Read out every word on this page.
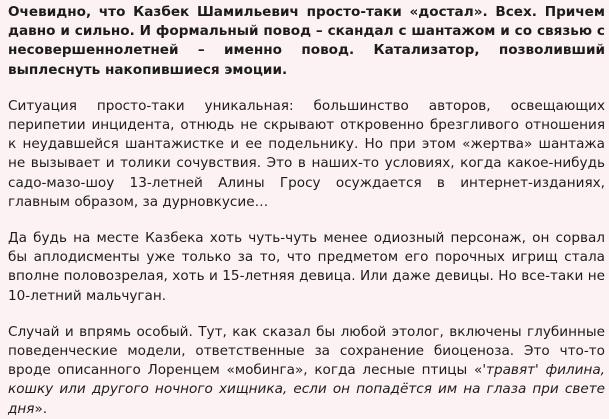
Очевидно, что Казбек Шамильевич просто-таки «достал». Всех. Причем давно и сильно. И формальный повод – скандал с шантажом и со связью с несовершеннолетней – именно повод. Катализатор, позволивший выплеснуть накопившиеся эмоции.

Ситуация просто-таки уникальная: большинство авторов, освещающих перипетии инцидента, отнюдь не скрывают откровенно брезгливого отношения к неудавшейся шантажистке и ее подельнику. Но при этом «жертва» шантажа не вызывает и толики сочувствия. Это в наших-то условиях, когда какое-нибудь садо-мазо-шоу 13-летней Алины Гросу осуждается в интернет-изданиях, главным образом, за дурновкусие…

Да будь на месте Казбека хоть чуть-чуть менее одиозный персонаж, он сорвал бы аплодисменты уже только за то, что предметом его порочных игрищ стала вполне половозрелая, хоть и 15-летняя девица. Или даже девицы. Но все-таки не 10-летний мальчуган.

Случай и впрямь особый. Тут, как сказал бы любой этолог, включены глубинные поведенческие модели, ответственные за сохранение биоценоза. Это что-то вроде описанного Лоренцем «мобинга», когда лесные птицы «'травят' филина, кошку или другого ночного хищника, если он попадётся им на глаза при свете дня».
